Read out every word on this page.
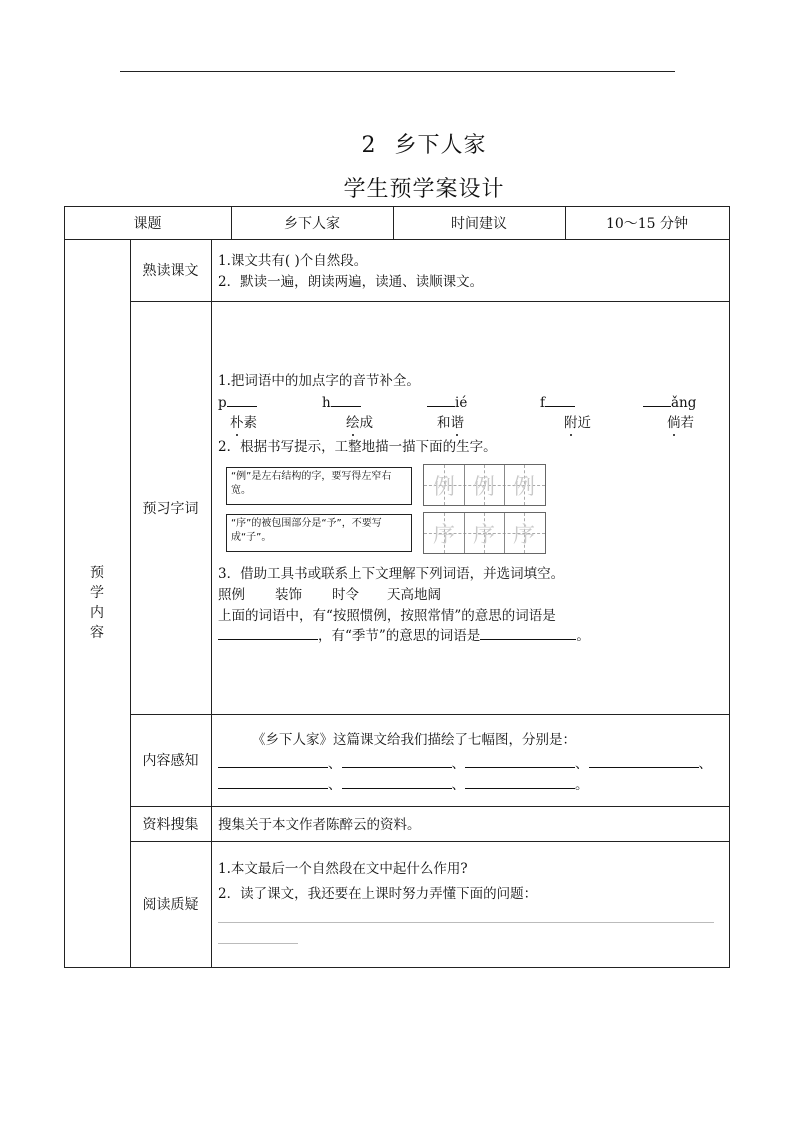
2 乡下人家
学生预学案设计
课题	乡下人家	时间建议	10～15 分钟
预学内容
熟读课文
1.课文共有( )个自然段。
2．默读一遍，朗读两遍，读通、读顺课文。
预习字词
1.把词语中的加点字的音节补全。
p	h	ié	f	ǎng
朴素	绘成	和谐	附近	倘若
2．根据书写提示，工整地描一描下面的生字。
“例”是左右结构的字，要写得左窄右宽。
“序”的被包围部分是“予”，不要写成“子”。
例 例 例
序 序 序
3．借助工具书或联系上下文理解下列词语，并选词填空。
照例 装饰 时令 天高地阔
上面的词语中，有“按照惯例，按照常情”的意思的词语是
，有“季节”的意思的词语是	。
内容感知
《乡下人家》这篇课文给我们描绘了七幅图，分别是：
、	、	、	、
、	、	。
资料搜集	搜集关于本文作者陈醉云的资料。
阅读质疑
1.本文最后一个自然段在文中起什么作用?
2．读了课文，我还要在上课时努力弄懂下面的问题：
